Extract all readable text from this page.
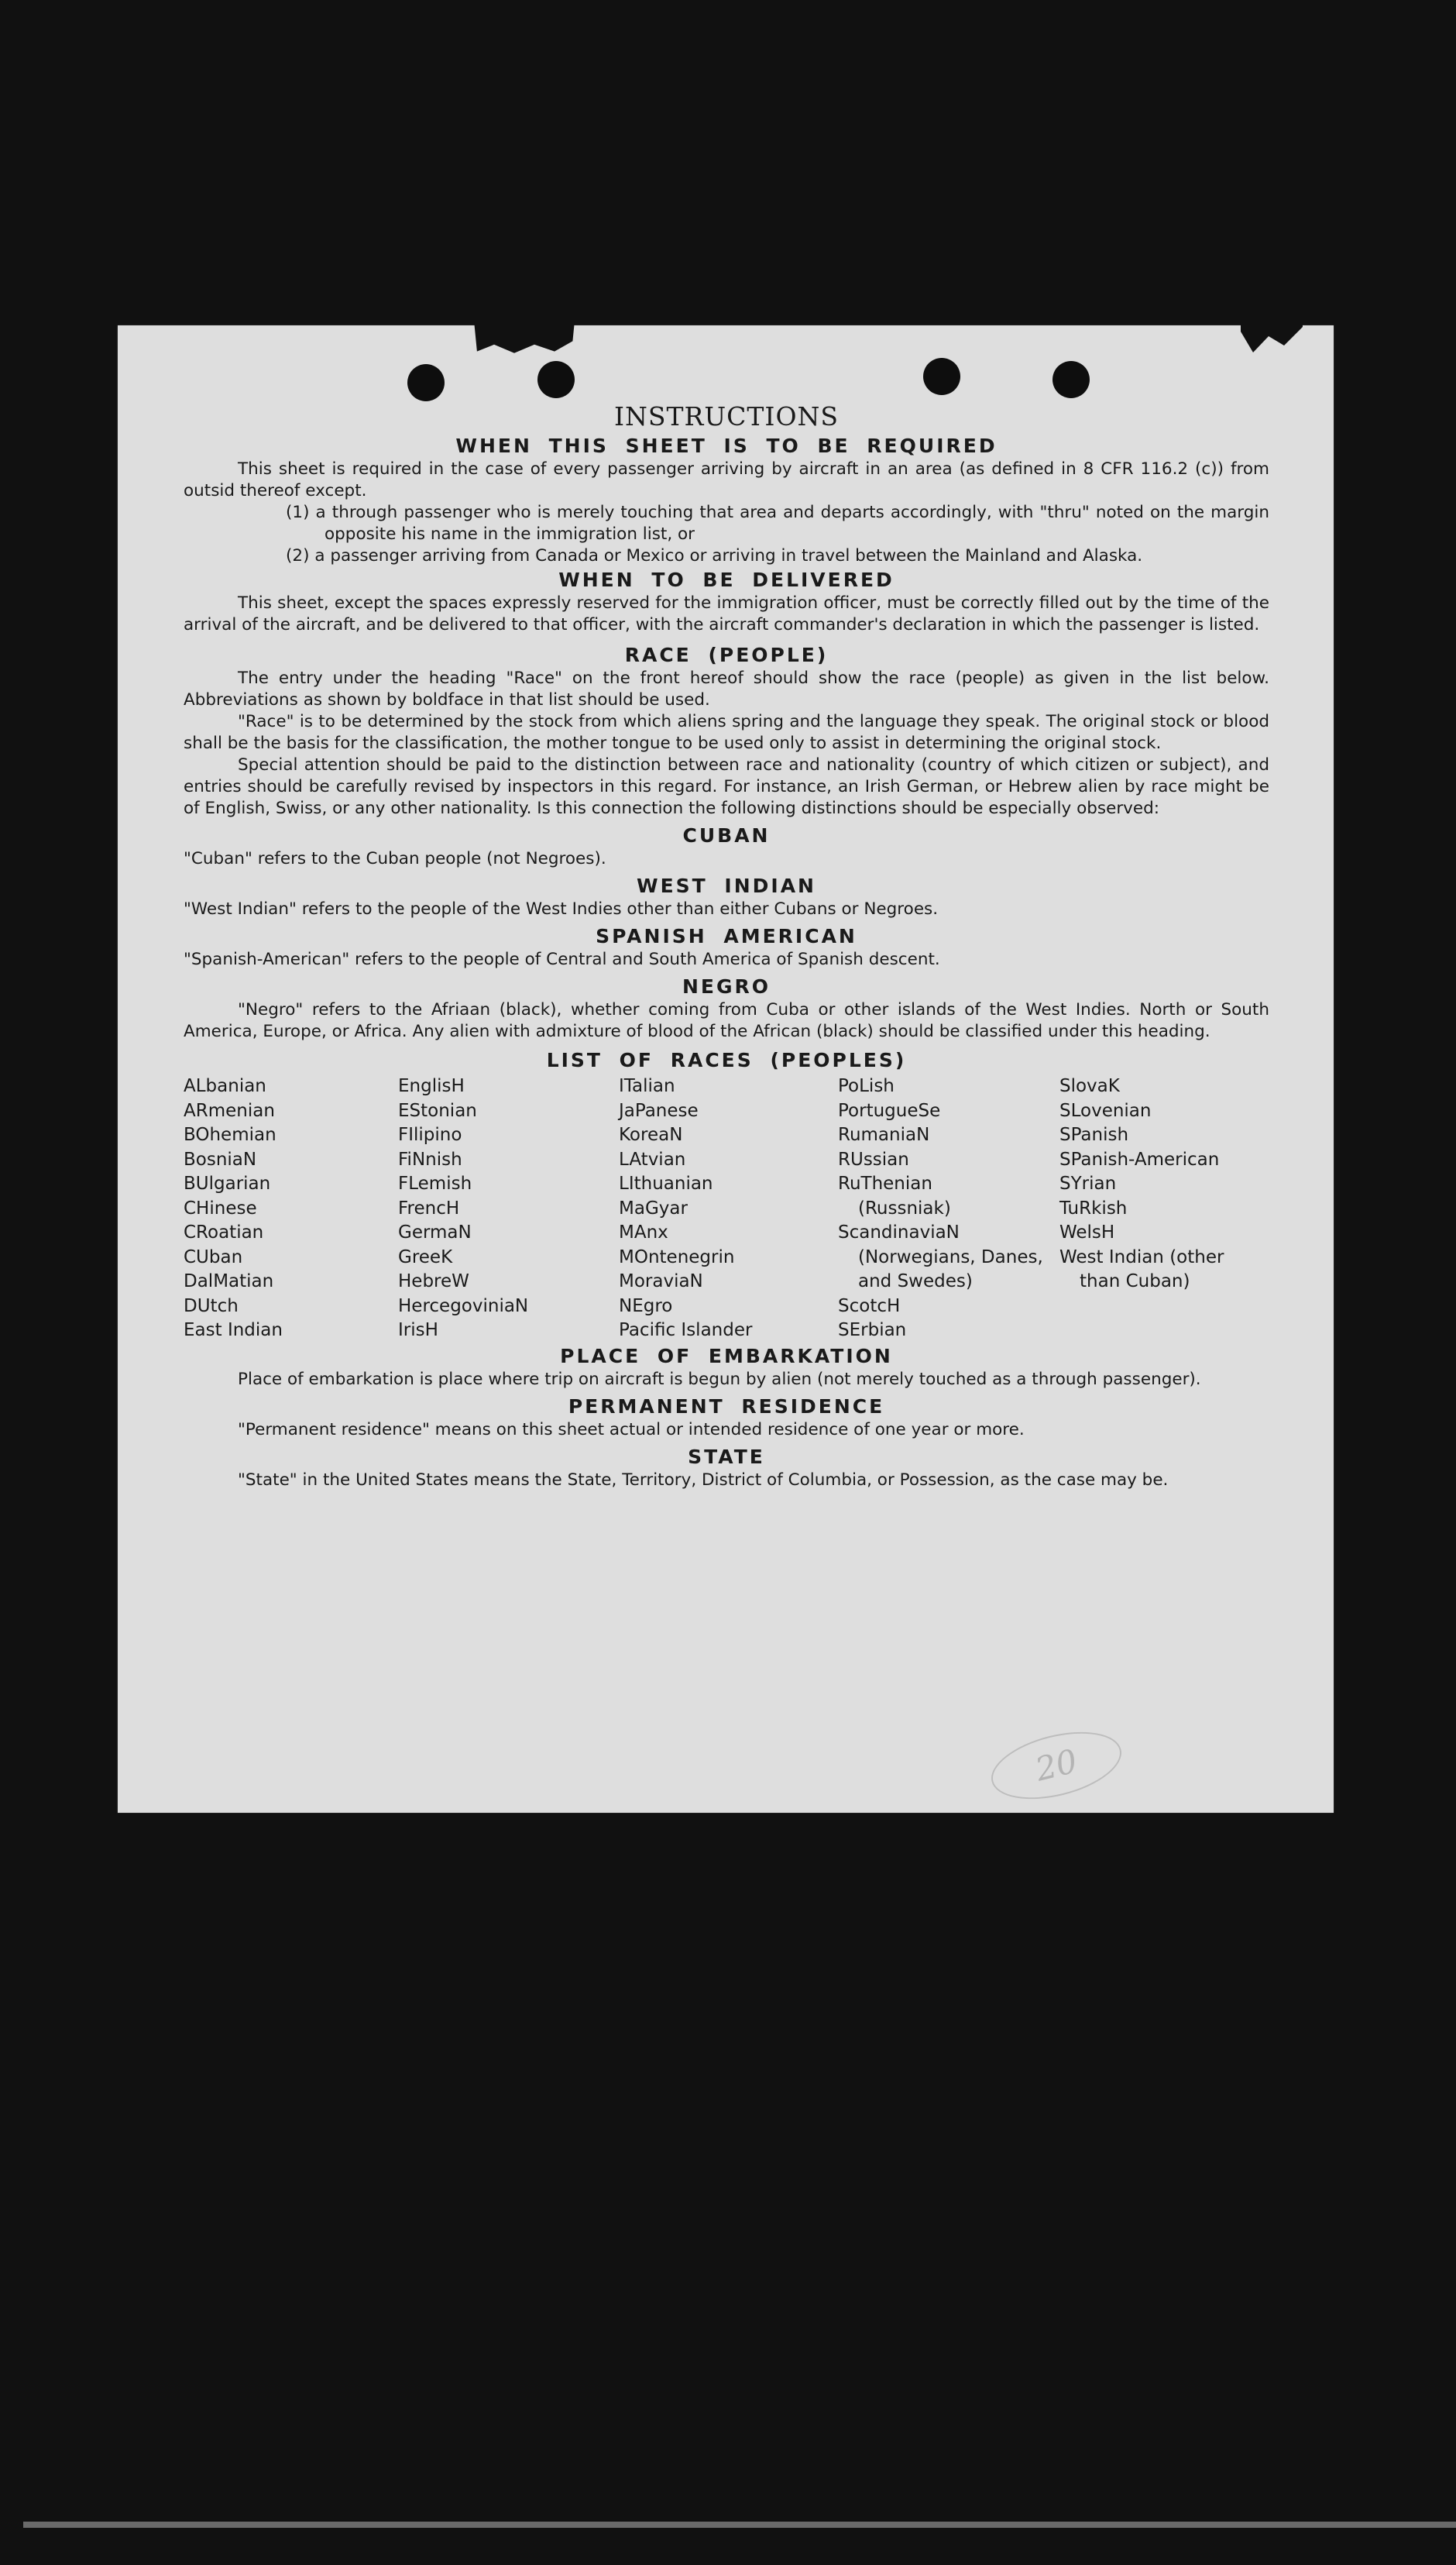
INSTRUCTIONS
WHEN THIS SHEET IS TO BE REQUIRED

This sheet is required in the case of every passenger arriving by aircraft in an area (as defined in 8 CFR 116.2 (c)) from outsid thereof except.

(1) a through passenger who is merely touching that area and departs accordingly, with "thru" noted on the margin opposite his name in the immigration list, or

(2) a passenger arriving from Canada or Mexico or arriving in travel between the Mainland and Alaska.

WHEN TO BE DELIVERED

This sheet, except the spaces expressly reserved for the immigration officer, must be correctly filled out by the time of the arrival of the aircraft, and be delivered to that officer, with the aircraft commander's declaration in which the passenger is listed.

RACE (PEOPLE)

The entry under the heading "Race" on the front hereof should show the race (people) as given in the list below. Abbreviations as shown by boldface in that list should be used.

"Race" is to be determined by the stock from which aliens spring and the language they speak. The original stock or blood shall be the basis for the classification, the mother tongue to be used only to assist in determining the original stock.

Special attention should be paid to the distinction between race and nationality (country of which citizen or subject), and entries should be carefully revised by inspectors in this regard. For instance, an Irish German, or Hebrew alien by race might be of English, Swiss, or any other nationality. Is this connection the following distinctions should be especially observed:

CUBAN

"Cuban" refers to the Cuban people (not Negroes).

WEST INDIAN

"West Indian" refers to the people of the West Indies other than either Cubans or Negroes.

SPANISH AMERICAN

"Spanish-American" refers to the people of Central and South America of Spanish descent.

NEGRO

"Negro" refers to the Afriaan (black), whether coming from Cuba or other islands of the West Indies. North or South America, Europe, or Africa. Any alien with admixture of blood of the African (black) should be classified under this heading.

LIST OF RACES (PEOPLES)
ALbanian
ARmenian
BOhemian
BosniaN
BUlgarian
CHinese
CRoatian
CUban
DalMatian
DUtch
East Indian
EnglisH
EStonian
FIlipino
FiNnish
FLemish
FrencH
GermaN
GreeK
HebreW
HercegoviniaN
IrisH
ITalian
JaPanese
KoreaN
LAtvian
LIthuanian
MaGyar
MAnx
MOntenegrin
MoraviaN
NEgro
Pacific Islander
PoLish
PortugueSe
RumaniaN
RUssian
RuThenian (Russniak)
ScandinaviaN (Norwegians, Danes, and Swedes)
ScotcH
SErbian
SlovaK
SLovenian
SPanish
SPanish-American
SYrian
TuRkish
WelsH
West Indian (other than Cuban)
PLACE OF EMBARKATION

Place of embarkation is place where trip on aircraft is begun by alien (not merely touched as a through passenger).

PERMANENT RESIDENCE

"Permanent residence" means on this sheet actual or intended residence of one year or more.

STATE

"State" in the United States means the State, Territory, District of Columbia, or Possession, as the case may be.

20
